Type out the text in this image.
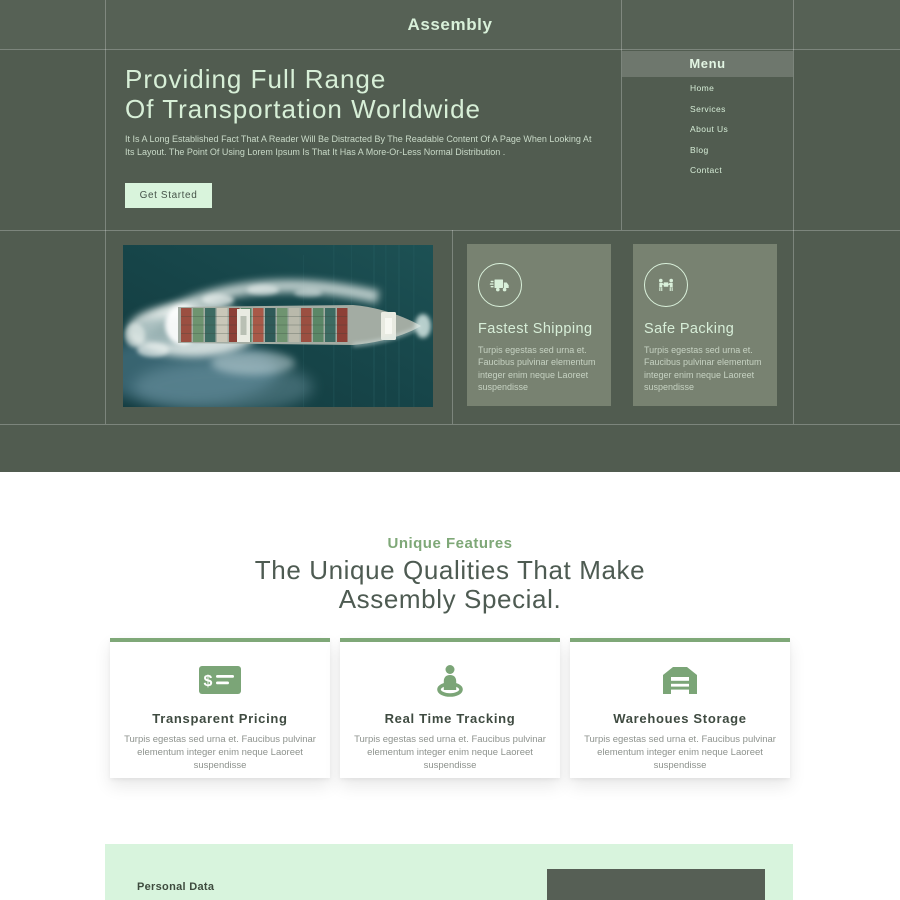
Assembly
Providing Full Range
Of Transportation Worldwide
It Is A Long Established Fact That A Reader Will Be Distracted By The Readable Content Of A Page When Looking At Its Layout. The Point Of Using Lorem Ipsum Is That It Has A More-Or-Less Normal Distribution .
Get Started
Menu
Home
Services
About Us
Blog
Contact
Fastest Shipping

Turpis egestas sed urna et. Faucibus pulvinar elementum integer enim neque Laoreet suspendisse

Safe Packing

Turpis egestas sed urna et. Faucibus pulvinar elementum integer enim neque Laoreet suspendisse

Unique Features
The Unique Qualities That Make
Assembly Special.
$
Transparent Pricing

Turpis egestas sed urna et. Faucibus pulvinar elementum integer enim neque Laoreet suspendisse

Real Time Tracking

Turpis egestas sed urna et. Faucibus pulvinar elementum integer enim neque Laoreet suspendisse

Warehoues Storage

Turpis egestas sed urna et. Faucibus pulvinar elementum integer enim neque Laoreet suspendisse

Personal Data
